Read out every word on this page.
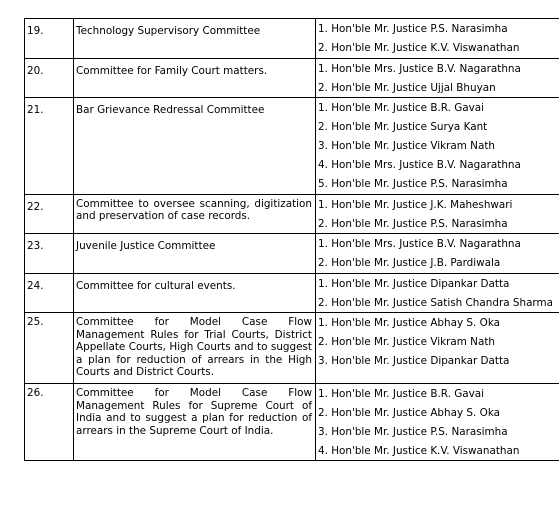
19.	Technology Supervisory Committee	1. Hon'ble Mr. Justice P.S. Narasimha
2. Hon'ble Mr. Justice K.V. Viswanathan

20.	Committee for Family Court matters.	1. Hon'ble Mrs. Justice B.V. Nagarathna
2. Hon'ble Mr. Justice Ujjal Bhuyan

21.	Bar Grievance Redressal Committee	1. Hon'ble Mr. Justice B.R. Gavai
2. Hon'ble Mr. Justice Surya Kant
3. Hon'ble Mr. Justice Vikram Nath
4. Hon'ble Mrs. Justice B.V. Nagarathna
5. Hon'ble Mr. Justice P.S. Narasimha

22.	Committee to oversee scanning, digitization and preservation of case records.	1. Hon'ble Mr. Justice J.K. Maheshwari
2. Hon'ble Mr. Justice P.S. Narasimha

23.	Juvenile Justice Committee	1. Hon'ble Mrs. Justice B.V. Nagarathna
2. Hon'ble Mr. Justice J.B. Pardiwala

24.	Committee for cultural events.	1. Hon'ble Mr. Justice Dipankar Datta
2. Hon'ble Mr. Justice Satish Chandra Sharma

25.	Committee for Model Case Flow Management Rules for Trial Courts, District Appellate Courts, High Courts and to suggest a plan for reduction of arrears in the High Courts and District Courts.	1. Hon'ble Mr. Justice Abhay S. Oka
2. Hon'ble Mr. Justice Vikram Nath
3. Hon'ble Mr. Justice Dipankar Datta

26.	Committee for Model Case Flow Management Rules for Supreme Court of India and to suggest a plan for reduction of arrears in the Supreme Court of India.	1. Hon'ble Mr. Justice B.R. Gavai
2. Hon'ble Mr. Justice Abhay S. Oka
3. Hon'ble Mr. Justice P.S. Narasimha
4. Hon'ble Mr. Justice K.V. Viswanathan
